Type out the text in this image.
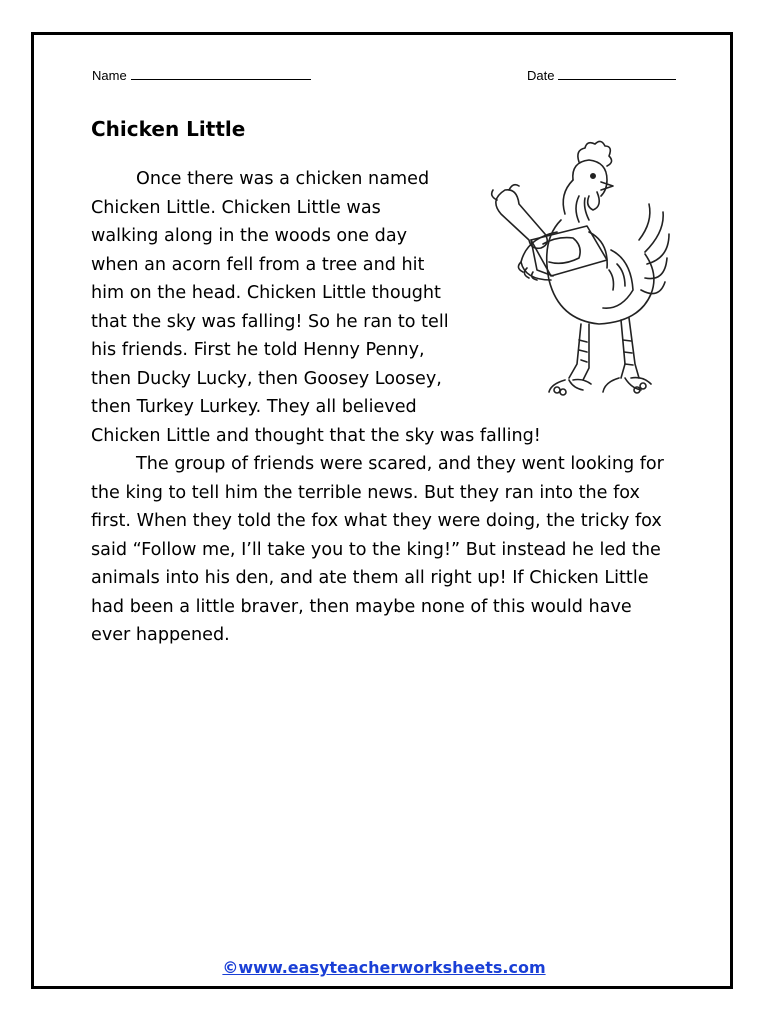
Name	Date
Chicken Little

Once there was a chicken named Chicken Little. Chicken Little was walking along in the woods one day when an acorn fell from a tree and hit him on the head. Chicken Little thought that the sky was falling! So he ran to tell his friends. First he told Henny Penny, then Ducky Lucky, then Goosey Loosey, then Turkey Lurkey. They all believed Chicken Little and thought that the sky was falling!

The group of friends were scared, and they went looking for the king to tell him the terrible news. But they ran into the fox first. When they told the fox what they were doing, the tricky fox said “Follow me, I’ll take you to the king!” But instead he led the animals into his den, and ate them all right up! If Chicken Little had been a little braver, then maybe none of this would have ever happened.

©www.easyteacherworksheets.com
